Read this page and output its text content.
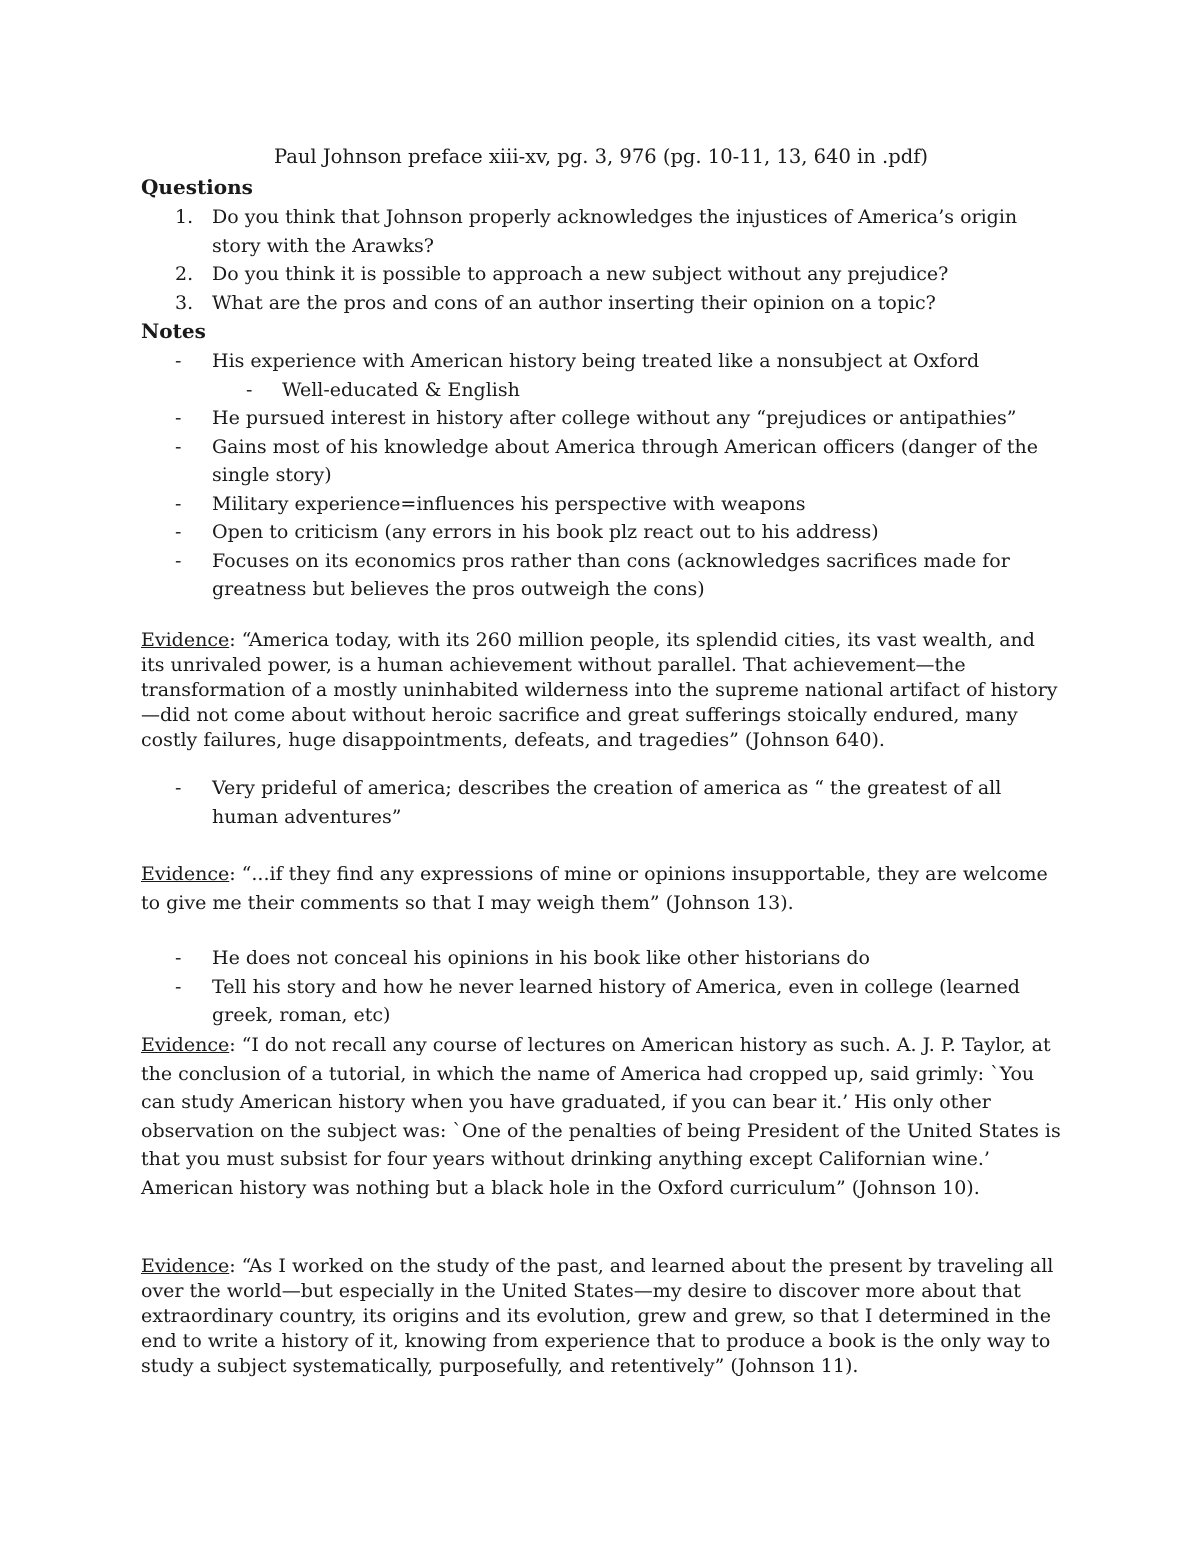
Paul Johnson preface xiii-xv, pg. 3, 976 (pg. 10-11, 13, 640 in .pdf)
Questions
1. Do you think that Johnson properly acknowledges the injustices of America’s origin story with the Arawks?
2. Do you think it is possible to approach a new subject without any prejudice?
3. What are the pros and cons of an author inserting their opinion on a topic?
Notes
- His experience with American history being treated like a nonsubject at Oxford
- Well-educated & English
- He pursued interest in history after college without any “prejudices or antipathies”
- Gains most of his knowledge about America through American officers (danger of the single story)
- Military experience=influences his perspective with weapons
- Open to criticism (any errors in his book plz react out to his address)
- Focuses on its economics pros rather than cons (acknowledges sacrifices made for greatness but believes the pros outweigh the cons)
Evidence: “America today, with its 260 million people, its splendid cities, its vast wealth, and its unrivaled power, is a human achievement without parallel. That achievement—the transformation of a mostly uninhabited wilderness into the supreme national artifact of history—did not come about without heroic sacrifice and great sufferings stoically endured, many costly failures, huge disappointments, defeats, and tragedies” (Johnson 640).
- Very prideful of america; describes the creation of america as “ the greatest of all human adventures”
Evidence: “...if they find any expressions of mine or opinions insupportable, they are welcome to give me their comments so that I may weigh them” (Johnson 13).
- He does not conceal his opinions in his book like other historians do
- Tell his story and how he never learned history of America, even in college (learned greek, roman, etc)
Evidence: “I do not recall any course of lectures on American history as such. A. J. P. Taylor, at the conclusion of a tutorial, in which the name of America had cropped up, said grimly: `You can study American history when you have graduated, if you can bear it.’ His only other observation on the subject was: `One of the penalties of being President of the United States is that you must subsist for four years without drinking anything except Californian wine.’ American history was nothing but a black hole in the Oxford curriculum” (Johnson 10).
Evidence: “As I worked on the study of the past, and learned about the present by traveling all over the world—but especially in the United States—my desire to discover more about that extraordinary country, its origins and its evolution, grew and grew, so that I determined in the end to write a history of it, knowing from experience that to produce a book is the only way to study a subject systematically, purposefully, and retentively” (Johnson 11).
